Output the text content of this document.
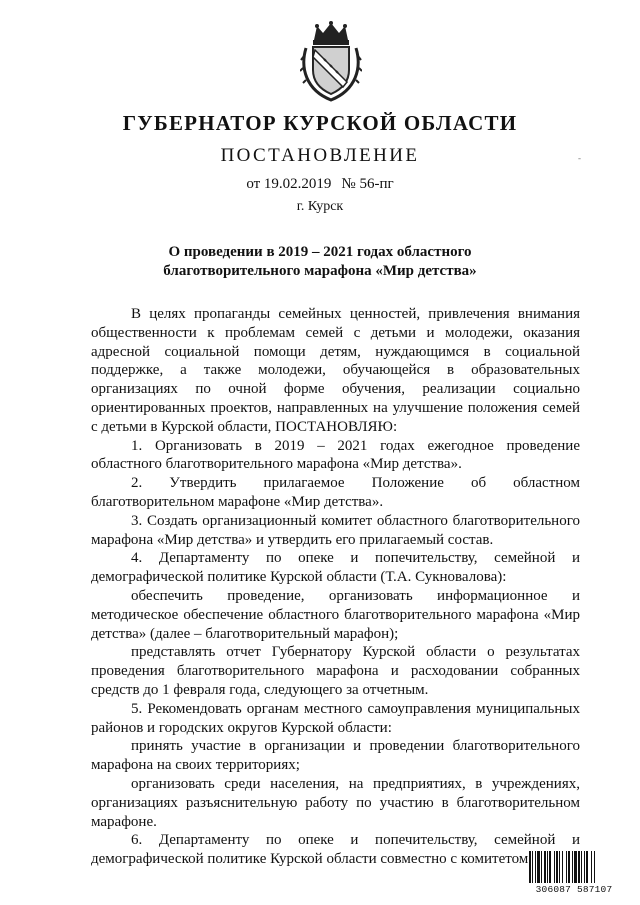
ГУБЕРНАТОР КУРСКОЙ ОБЛАСТИ
ПОСТАНОВЛЕНИЕ	-
от 19.02.2019 № 56-пг
г. Курск
О проведении в 2019 – 2021 годах областного
благотворительного марафона «Мир детства»

В целях пропаганды семейных ценностей, привлечения внимания общественности к проблемам семей с детьми и молодежи, оказания адресной социальной помощи детям, нуждающимся в социальной поддержке, а также молодежи, обучающейся в образовательных организациях по очной форме обучения, реализации социально ориентированных проектов, направленных на улучшение положения семей с детьми в Курской области, ПОСТАНОВЛЯЮ:

1. Организовать в 2019 – 2021 годах ежегодное проведение областного благотворительного марафона «Мир детства».

2. Утвердить прилагаемое Положение об областном благотворительном марафоне «Мир детства».

3. Создать организационный комитет областного благотворительного марафона «Мир детства» и утвердить его прилагаемый состав.

4. Департаменту по опеке и попечительству, семейной и демографической политике Курской области (Т.А. Сукновалова):

обеспечить проведение, организовать информационное и методическое обеспечение областного благотворительного марафона «Мир детства» (далее – благотворительный марафон);

представлять отчет Губернатору Курской области о результатах проведения благотворительного марафона и расходовании собранных средств до 1 февраля года, следующего за отчетным.

5. Рекомендовать органам местного самоуправления муниципальных районов и городских округов Курской области:

принять участие в организации и проведении благотворительного марафона на своих территориях;

организовать среди населения, на предприятиях, в учреждениях, организациях разъяснительную работу по участию в благотворительном марафоне.

6. Департаменту по опеке и попечительству, семейной и демографической политике Курской области совместно с комитетом

306087 587107
